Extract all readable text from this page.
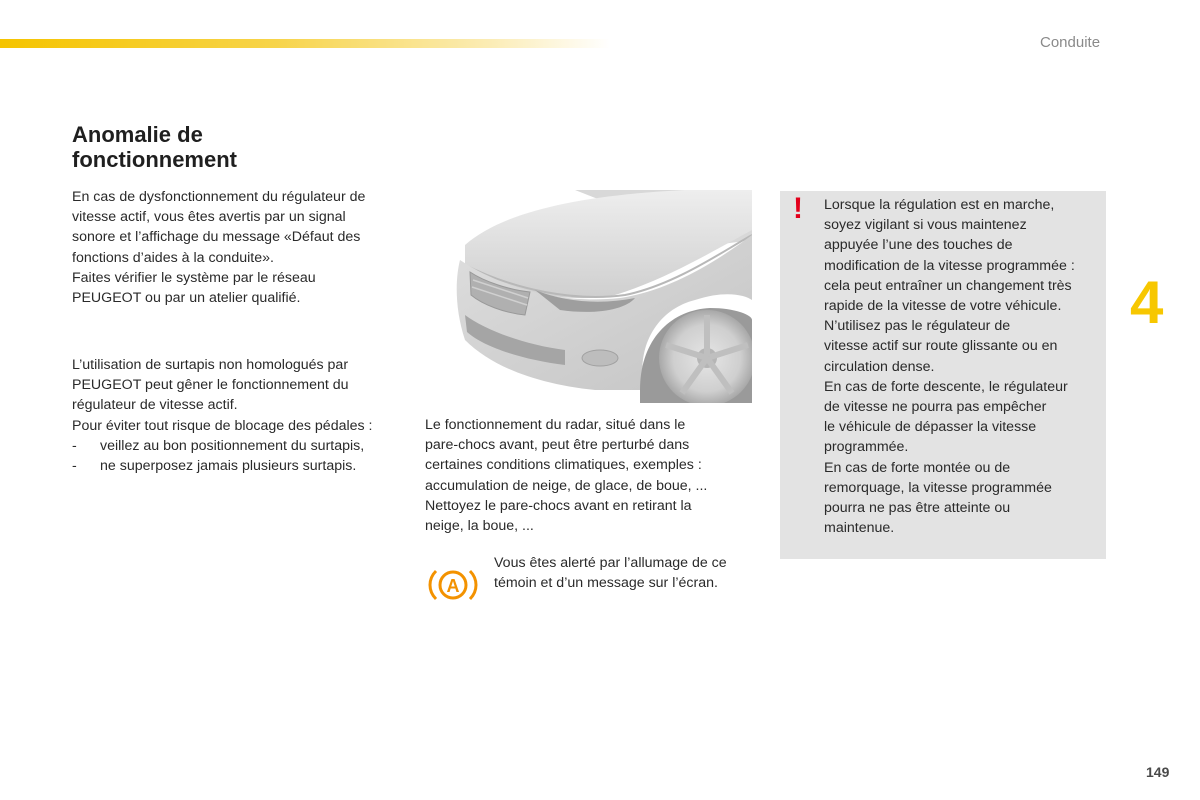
Conduite
Anomalie de
fonctionnement

En cas de dysfonctionnement du régulateur de

vitesse actif, vous êtes avertis par un signal

sonore et l’affichage du message «Défaut des

fonctions d’aides à la conduite».

Faites vérifier le système par le réseau

PEUGEOT ou par un atelier qualifié.

L’utilisation de surtapis non homologués par

PEUGEOT peut gêner le fonctionnement du

régulateur de vitesse actif.

Pour éviter tout risque de blocage des pédales :

- veillez au bon positionnement du surtapis,

- ne superposez jamais plusieurs surtapis.

Le fonctionnement du radar, situé dans le

pare-chocs avant, peut être perturbé dans

certaines conditions climatiques, exemples :

accumulation de neige, de glace, de boue, ...

Nettoyez le pare-chocs avant en retirant la

neige, la boue, ...

A

Vous êtes alerté par l’allumage de ce

témoin et d’un message sur l’écran.

! Lorsque la régulation est en marche,

soyez vigilant si vous maintenez

appuyée l’une des touches de

modification de la vitesse programmée :

cela peut entraîner un changement très

rapide de la vitesse de votre véhicule.

N’utilisez pas le régulateur de

vitesse actif sur route glissante ou en

circulation dense.

En cas de forte descente, le régulateur

de vitesse ne pourra pas empêcher

le véhicule de dépasser la vitesse

programmée.

En cas de forte montée ou de

remorquage, la vitesse programmée

pourra ne pas être atteinte ou

maintenue.

4
149
